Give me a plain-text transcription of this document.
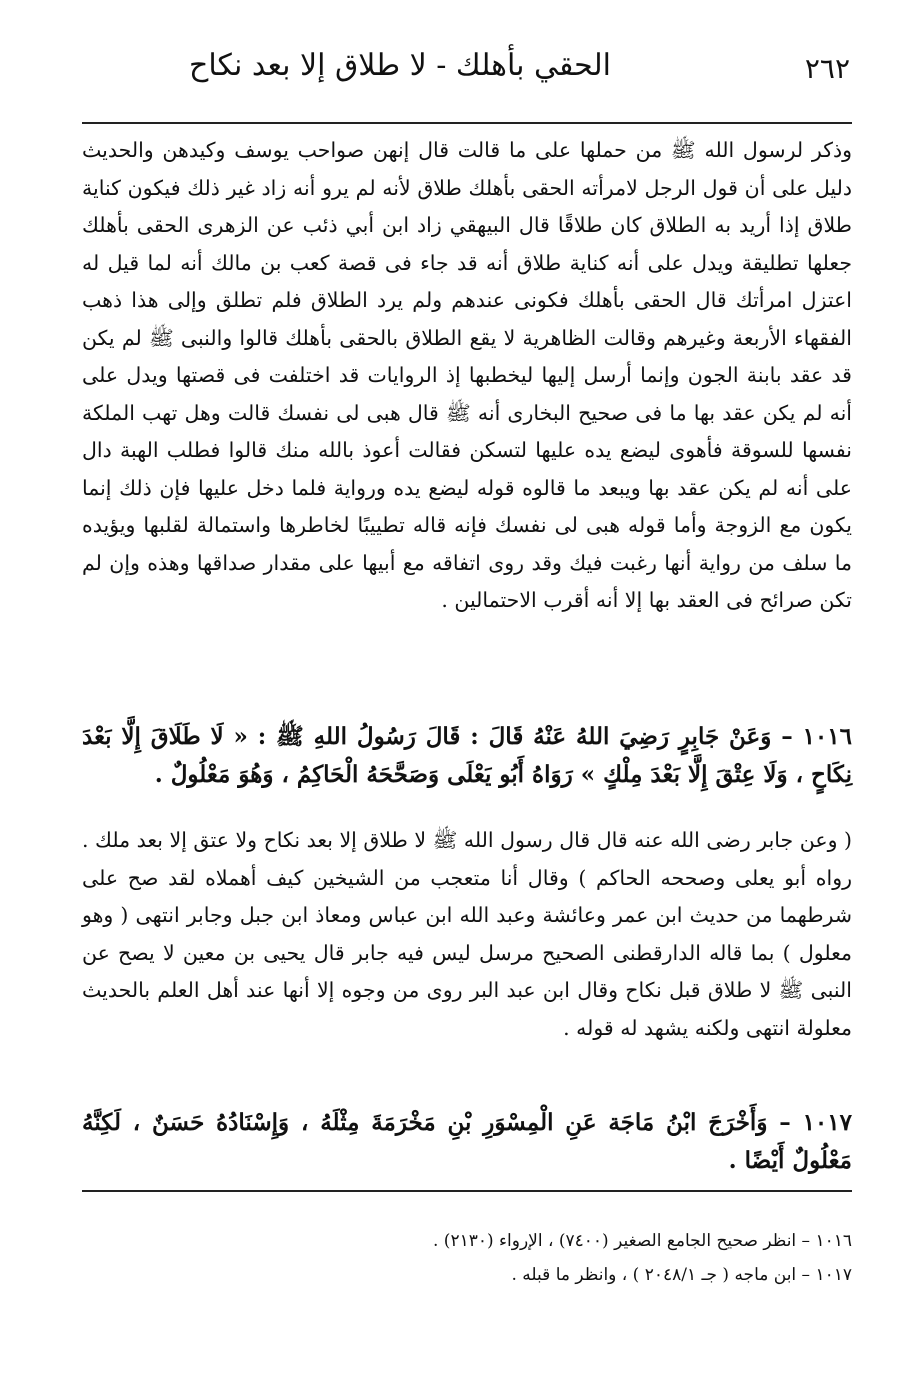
٢٦٢
الحقي بأهلك - لا طلاق إلا بعد نكاح
وذكر لرسول الله ﷺ من حملها على ما قالت قال إنهن صواحب يوسف وكيدهن والحديث دليل على أن قول الرجل لامرأته الحقى بأهلك طلاق لأنه لم يرو أنه زاد غير ذلك فيكون كناية طلاق إذا أريد به الطلاق كان طلاقًا قال البيهقي زاد ابن أبي ذئب عن الزهرى الحقى بأهلك جعلها تطليقة ويدل على أنه كناية طلاق أنه قد جاء فى قصة كعب بن مالك أنه لما قيل له اعتزل امرأتك قال الحقى بأهلك فكونى عندهم ولم يرد الطلاق فلم تطلق وإلى هذا ذهب الفقهاء الأربعة وغيرهم وقالت الظاهرية لا يقع الطلاق بالحقى بأهلك قالوا والنبى ﷺ لم يكن قد عقد بابنة الجون وإنما أرسل إليها ليخطبها إذ الروايات قد اختلفت فى قصتها ويدل على أنه لم يكن عقد بها ما فى صحيح البخارى أنه ﷺ قال هبى لى نفسك قالت وهل تهب الملكة نفسها للسوقة فأهوى ليضع يده عليها لتسكن فقالت أعوذ بالله منك قالوا فطلب الهبة دال على أنه لم يكن عقد بها ويبعد ما قالوه قوله ليضع يده ورواية فلما دخل عليها فإن ذلك إنما يكون مع الزوجة وأما قوله هبى لى نفسك فإنه قاله تطييبًا لخاطرها واستمالة لقلبها ويؤيده ما سلف من رواية أنها رغبت فيك وقد روى اتفاقه مع أبيها على مقدار صداقها وهذه وإن لم تكن صرائح فى العقد بها إلا أنه أقرب الاحتمالين .
١٠١٦ – وَعَنْ جَابِرٍ رَضِيَ اللهُ عَنْهُ قَالَ : قَالَ رَسُولُ اللهِ ﷺ : « لَا طَلَاقَ إِلَّا بَعْدَ نِكَاحٍ ، وَلَا عِتْقَ إِلَّا بَعْدَ مِلْكٍ » رَوَاهُ أَبُو يَعْلَى وَصَحَّحَهُ الْحَاكِمُ ، وَهُوَ مَعْلُولٌ .
( وعن جابر رضى الله عنه قال قال رسول الله ﷺ لا طلاق إلا بعد نكاح ولا عتق إلا بعد ملك . رواه أبو يعلى وصححه الحاكم ) وقال أنا متعجب من الشيخين كيف أهملاه لقد صح على شرطهما من حديث ابن عمر وعائشة وعبد الله ابن عباس ومعاذ ابن جبل وجابر انتهى ( وهو معلول ) بما قاله الدارقطنى الصحيح مرسل ليس فيه جابر قال يحيى بن معين لا يصح عن النبى ﷺ لا طلاق قبل نكاح وقال ابن عبد البر روى من وجوه إلا أنها عند أهل العلم بالحديث معلولة انتهى ولكنه يشهد له قوله .
١٠١٧ – وَأَخْرَجَ ابْنُ مَاجَة عَنِ الْمِسْوَرِ بْنِ مَخْرَمَةَ مِثْلَهُ ، وَإِسْنَادُهُ حَسَنٌ ، لَكِنَّهُ مَعْلُولٌ أَيْضًا .

١٠١٦ – انظر صحيح الجامع الصغير (٧٤٠٠) ، الإرواء (٢١٣٠) .

١٠١٧ – ابن ماجه ( جـ ٢٠٤٨/١ ) ، وانظر ما قبله .
